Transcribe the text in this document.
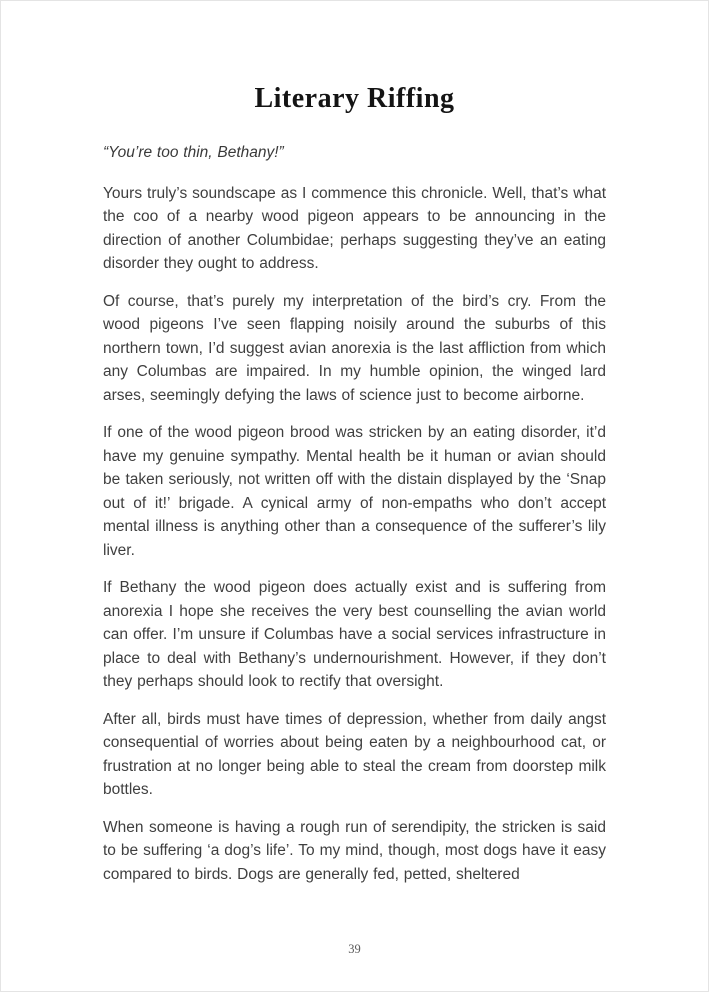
Literary Riffing

“You’re too thin, Bethany!”

Yours truly’s soundscape as I commence this chronicle. Well, that’s what the coo of a nearby wood pigeon appears to be announcing in the direction of another Columbidae; perhaps suggesting they’ve an eating disorder they ought to address.

Of course, that’s purely my interpretation of the bird’s cry. From the wood pigeons I’ve seen flapping noisily around the suburbs of this northern town, I’d suggest avian anorexia is the last affliction from which any Columbas are impaired. In my humble opinion, the winged lard arses, seemingly defying the laws of science just to become airborne.

If one of the wood pigeon brood was stricken by an eating disorder, it’d have my genuine sympathy. Mental health be it human or avian should be taken seriously, not written off with the distain displayed by the ‘Snap out of it!’ brigade. A cynical army of non-empaths who don’t accept mental illness is anything other than a consequence of the sufferer’s lily liver.

If Bethany the wood pigeon does actually exist and is suffering from anorexia I hope she receives the very best counselling the avian world can offer. I’m unsure if Columbas have a social services infrastructure in place to deal with Bethany’s undernourishment. However, if they don’t they perhaps should look to rectify that oversight.

After all, birds must have times of depression, whether from daily angst consequential of worries about being eaten by a neighbourhood cat, or frustration at no longer being able to steal the cream from doorstep milk bottles.

When someone is having a rough run of serendipity, the stricken is said to be suffering ‘a dog’s life’. To my mind, though, most dogs have it easy compared to birds. Dogs are generally fed, petted, sheltered

39
